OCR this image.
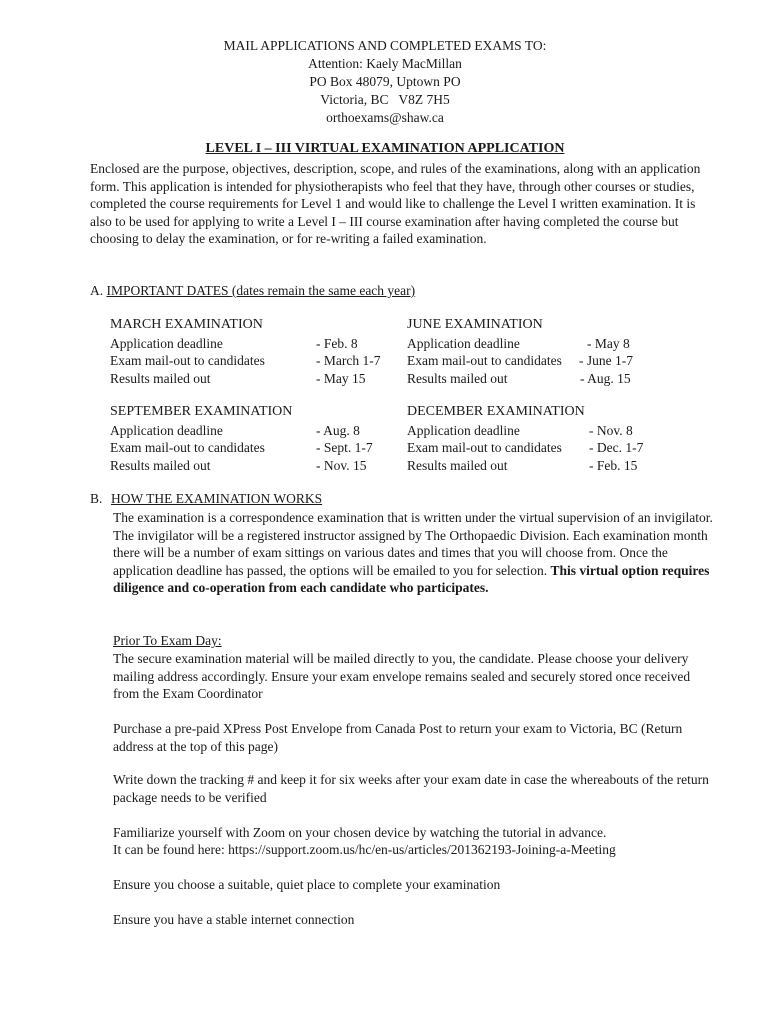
MAIL APPLICATIONS AND COMPLETED EXAMS TO:
Attention: Kaely MacMillan
PO Box 48079, Uptown PO
Victoria, BC   V8Z 7H5
orthoexams@shaw.ca
LEVEL I – III VIRTUAL EXAMINATION APPLICATION
Enclosed are the purpose, objectives, description, scope, and rules of the examinations, along with an application form. This application is intended for physiotherapists who feel that they have, through other courses or studies, completed the course requirements for Level 1 and would like to challenge the Level I written examination. It is also to be used for applying to write a Level I – III course examination after having completed the course but choosing to delay the examination, or for re-writing a failed examination.
A. IMPORTANT DATES (dates remain the same each year)
MARCH EXAMINATION
Application deadline	- Feb. 8
Exam mail-out to candidates	- March 1-7
Results mailed out	- May 15
JUNE EXAMINATION
Application deadline	- May 8
Exam mail-out to candidates - June 1-7
Results mailed out	- Aug. 15
SEPTEMBER EXAMINATION
Application deadline	- Aug. 8
Exam mail-out to candidates	- Sept. 1-7
Results mailed out	- Nov. 15
DECEMBER EXAMINATION
Application deadline	- Nov. 8
Exam mail-out to candidates - Dec. 1-7
Results mailed out	- Feb. 15
B. HOW THE EXAMINATION WORKS
The examination is a correspondence examination that is written under the virtual supervision of an invigilator. The invigilator will be a registered instructor assigned by The Orthopaedic Division. Each examination month there will be a number of exam sittings on various dates and times that you will choose from. Once the application deadline has passed, the options will be emailed to you for selection. This virtual option requires diligence and co-operation from each candidate who participates.
Prior To Exam Day:
The secure examination material will be mailed directly to you, the candidate. Please choose your delivery mailing address accordingly. Ensure your exam envelope remains sealed and securely stored once received from the Exam Coordinator
Purchase a pre-paid XPress Post Envelope from Canada Post to return your exam to Victoria, BC (Return address at the top of this page)
Write down the tracking # and keep it for six weeks after your exam date in case the whereabouts of the return package needs to be verified
Familiarize yourself with Zoom on your chosen device by watching the tutorial in advance.
It can be found here: https://support.zoom.us/hc/en-us/articles/201362193-Joining-a-Meeting
Ensure you choose a suitable, quiet place to complete your examination
Ensure you have a stable internet connection
